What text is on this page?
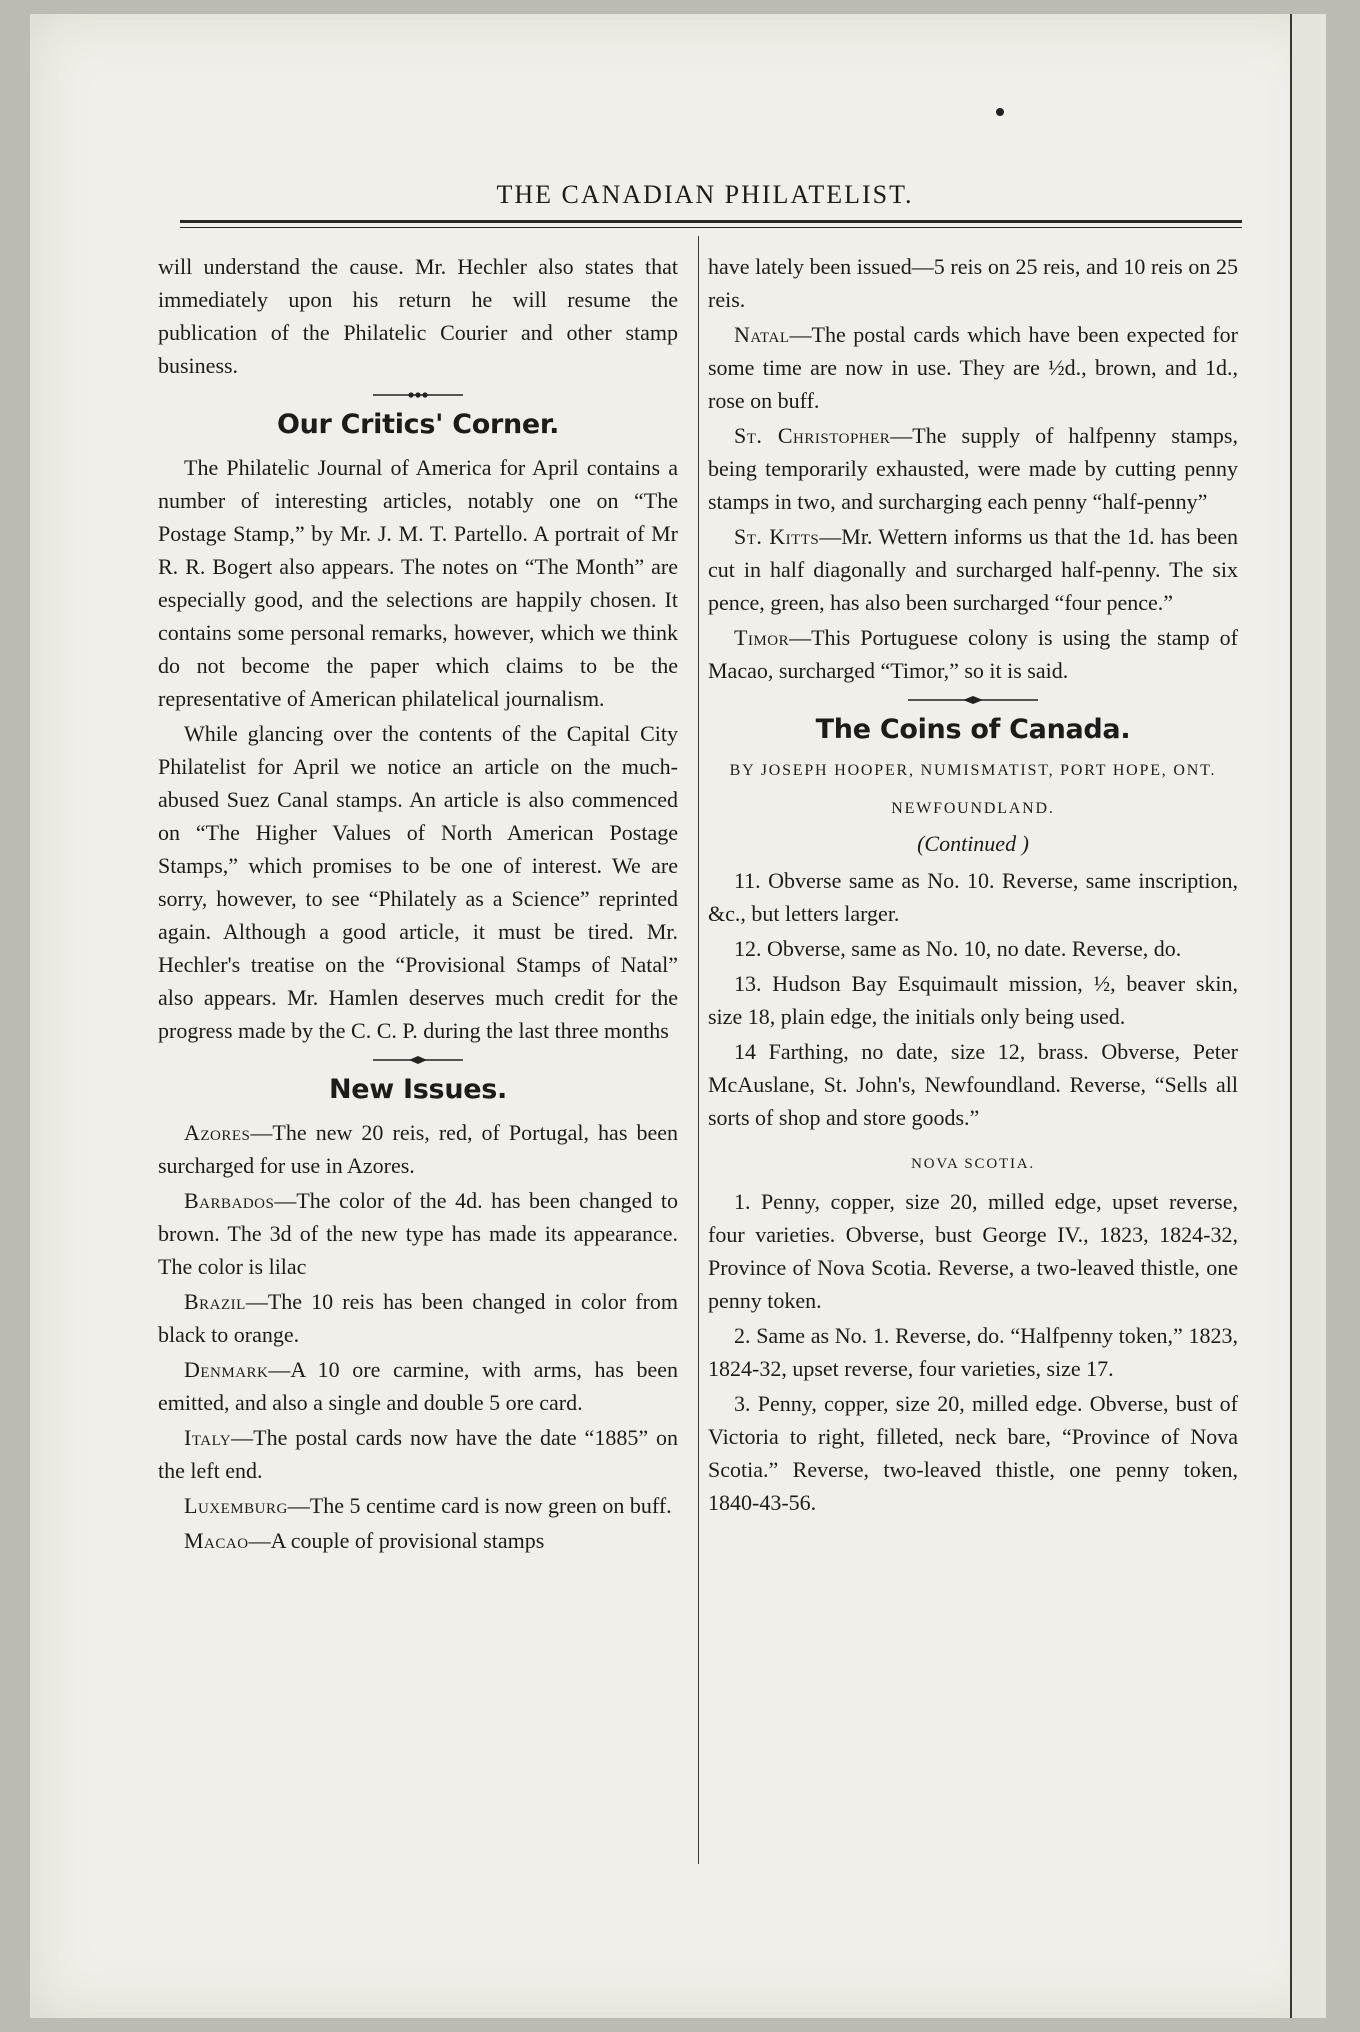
THE CANADIAN PHILATELIST.

will understand the cause. Mr. Hechler also states that immediately upon his return he will resume the publication of the Philatelic Courier and other stamp business.

Our Critics' Corner.

The Philatelic Journal of America for April contains a number of interesting articles, notably one on “The Postage Stamp,” by Mr. J. M. T. Partello. A portrait of Mr R. R. Bogert also appears. The notes on “The Month” are especially good, and the selections are happily chosen. It contains some personal remarks, however, which we think do not become the paper which claims to be the representative of American philatelical journalism.

While glancing over the contents of the Capital City Philatelist for April we notice an article on the much-abused Suez Canal stamps. An article is also commenced on “The Higher Values of North American Postage Stamps,” which promises to be one of interest. We are sorry, however, to see “Philately as a Science” reprinted again. Although a good article, it must be tired. Mr. Hechler's treatise on the “Provisional Stamps of Natal” also appears. Mr. Hamlen deserves much credit for the progress made by the C. C. P. during the last three months

New Issues.

Azores—The new 20 reis, red, of Portugal, has been surcharged for use in Azores.

Barbados—The color of the 4d. has been changed to brown. The 3d of the new type has made its appearance. The color is lilac

Brazil—The 10 reis has been changed in color from black to orange.

Denmark—A 10 ore carmine, with arms, has been emitted, and also a single and double 5 ore card.

Italy—The postal cards now have the date “1885” on the left end.

Luxemburg—The 5 centime card is now green on buff.

Macao—A couple of provisional stamps

have lately been issued—5 reis on 25 reis, and 10 reis on 25 reis.

Natal—The postal cards which have been expected for some time are now in use. They are ½d., brown, and 1d., rose on buff.

St. Christopher—The supply of halfpenny stamps, being temporarily exhausted, were made by cutting penny stamps in two, and surcharging each penny “half-penny”

St. Kitts—Mr. Wettern informs us that the 1d. has been cut in half diagonally and surcharged half-penny. The six pence, green, has also been surcharged “four pence.”

Timor—This Portuguese colony is using the stamp of Macao, surcharged “Timor,” so it is said.

The Coins of Canada.
BY JOSEPH HOOPER, NUMISMATIST, PORT HOPE, ONT.
NEWFOUNDLAND.
(Continued )

11. Obverse same as No. 10. Reverse, same inscription, &c., but letters larger.

12. Obverse, same as No. 10, no date. Reverse, do.

13. Hudson Bay Esquimault mission, ½, beaver skin, size 18, plain edge, the initials only being used.

14 Farthing, no date, size 12, brass. Obverse, Peter McAuslane, St. John's, Newfoundland. Reverse, “Sells all sorts of shop and store goods.”

NOVA SCOTIA.

1. Penny, copper, size 20, milled edge, upset reverse, four varieties. Obverse, bust George IV., 1823, 1824-32, Province of Nova Scotia. Reverse, a two-leaved thistle, one penny token.

2. Same as No. 1. Reverse, do. “Halfpenny token,” 1823, 1824-32, upset reverse, four varieties, size 17.

3. Penny, copper, size 20, milled edge. Obverse, bust of Victoria to right, filleted, neck bare, “Province of Nova Scotia.” Reverse, two-leaved thistle, one penny token, 1840-43-56.
